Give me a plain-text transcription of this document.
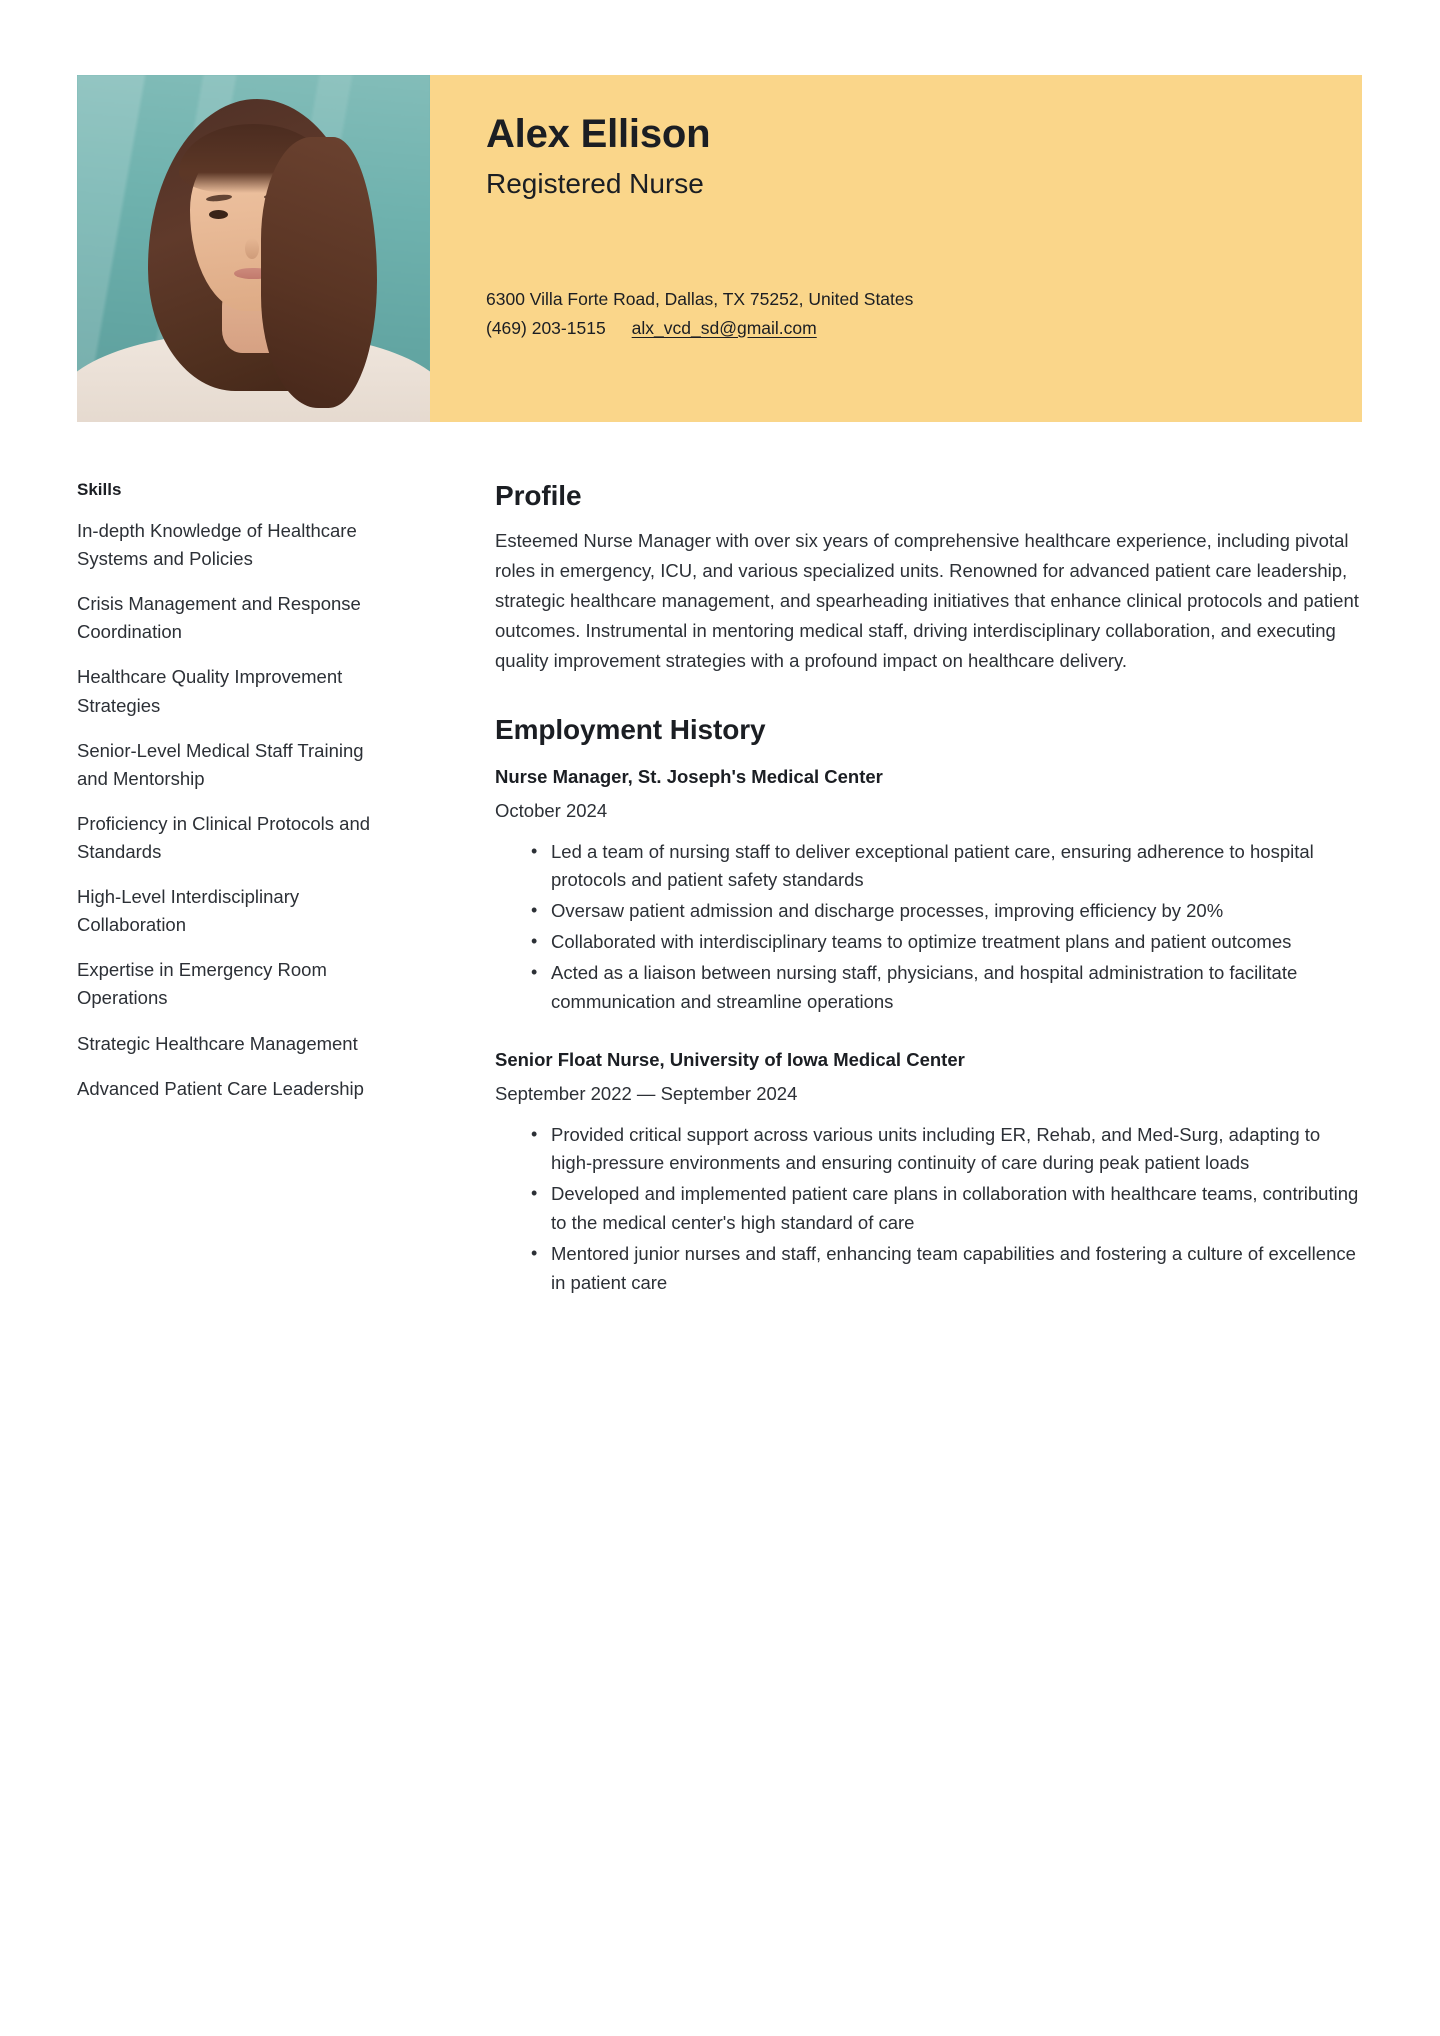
Alex Ellison
Registered Nurse
6300 Villa Forte Road, Dallas, TX 75252, United States
(469) 203-1515 alx_vcd_sd@gmail.com
Skills
In-depth Knowledge of Healthcare Systems and Policies
Crisis Management and Response Coordination
Healthcare Quality Improvement Strategies
Senior-Level Medical Staff Training and Mentorship
Proficiency in Clinical Protocols and Standards
High-Level Interdisciplinary Collaboration
Expertise in Emergency Room Operations
Strategic Healthcare Management
Advanced Patient Care Leadership
Profile
Esteemed Nurse Manager with over six years of comprehensive healthcare experience, including pivotal roles in emergency, ICU, and various specialized units. Renowned for advanced patient care leadership, strategic healthcare management, and spearheading initiatives that enhance clinical protocols and patient outcomes. Instrumental in mentoring medical staff, driving interdisciplinary collaboration, and executing quality improvement strategies with a profound impact on healthcare delivery.
Employment History
Nurse Manager, St. Joseph's Medical Center
October 2024
• Led a team of nursing staff to deliver exceptional patient care, ensuring adherence to hospital protocols and patient safety standards
• Oversaw patient admission and discharge processes, improving efficiency by 20%
• Collaborated with interdisciplinary teams to optimize treatment plans and patient outcomes
• Acted as a liaison between nursing staff, physicians, and hospital administration to facilitate communication and streamline operations
Senior Float Nurse, University of Iowa Medical Center
September 2022 — September 2024
• Provided critical support across various units including ER, Rehab, and Med-Surg, adapting to high-pressure environments and ensuring continuity of care during peak patient loads
• Developed and implemented patient care plans in collaboration with healthcare teams, contributing to the medical center's high standard of care
• Mentored junior nurses and staff, enhancing team capabilities and fostering a culture of excellence in patient care
